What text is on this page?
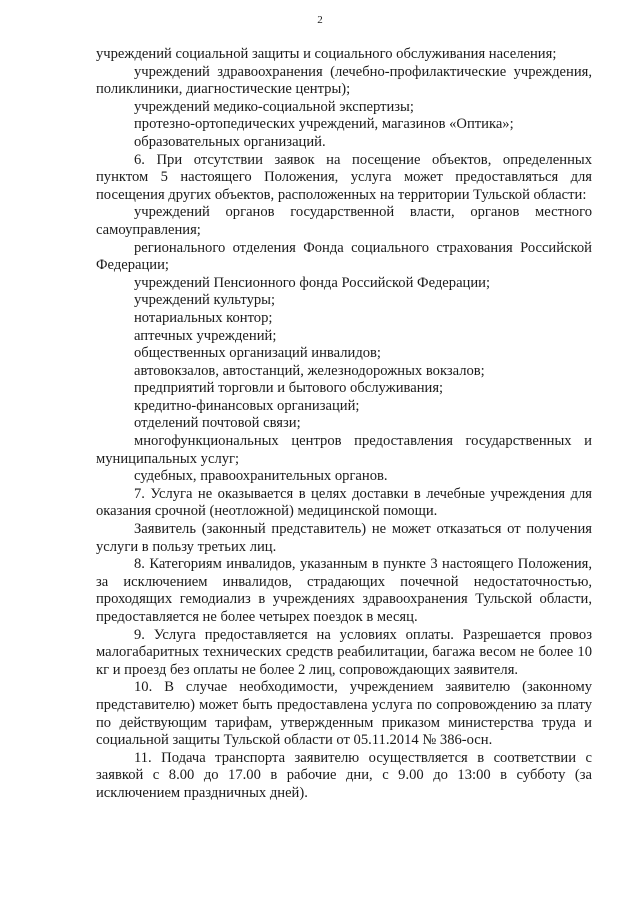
2

учреждений социальной защиты и социального обслуживания населения;

учреждений здравоохранения (лечебно-профилактические учреждения, поликлиники, диагностические центры);

учреждений медико-социальной экспертизы;

протезно-ортопедических учреждений, магазинов «Оптика»;

образовательных организаций.

6. При отсутствии заявок на посещение объектов, определенных пунктом 5 настоящего Положения, услуга может предоставляться для посещения других объектов, расположенных на территории Тульской области:

учреждений органов государственной власти, органов местного самоуправления;

регионального отделения Фонда социального страхования Российской Федерации;

учреждений Пенсионного фонда Российской Федерации;

учреждений культуры;

нотариальных контор;

аптечных учреждений;

общественных организаций инвалидов;

автовокзалов, автостанций, железнодорожных вокзалов;

предприятий торговли и бытового обслуживания;

кредитно-финансовых организаций;

отделений почтовой связи;

многофункциональных центров предоставления государственных и муниципальных услуг;

судебных, правоохранительных органов.

7. Услуга не оказывается в целях доставки в лечебные учреждения для оказания срочной (неотложной) медицинской помощи.

Заявитель (законный представитель) не может отказаться от получения услуги в пользу третьих лиц.

8. Категориям инвалидов, указанным в пункте 3 настоящего Положения, за исключением инвалидов, страдающих почечной недостаточностью, проходящих гемодиализ в учреждениях здравоохранения Тульской области, предоставляется не более четырех поездок в месяц.

9. Услуга предоставляется на условиях оплаты. Разрешается провоз малогабаритных технических средств реабилитации, багажа весом не более 10 кг и проезд без оплаты не более 2 лиц, сопровождающих заявителя.

10. В случае необходимости, учреждением заявителю (законному представителю) может быть предоставлена услуга по сопровождению за плату по действующим тарифам, утвержденным приказом министерства труда и социальной защиты Тульской области от 05.11.2014 № 386-осн.

11. Подача транспорта заявителю осуществляется в соответствии с заявкой с 8.00 до 17.00 в рабочие дни, с 9.00 до 13:00 в субботу (за исключением праздничных дней).
